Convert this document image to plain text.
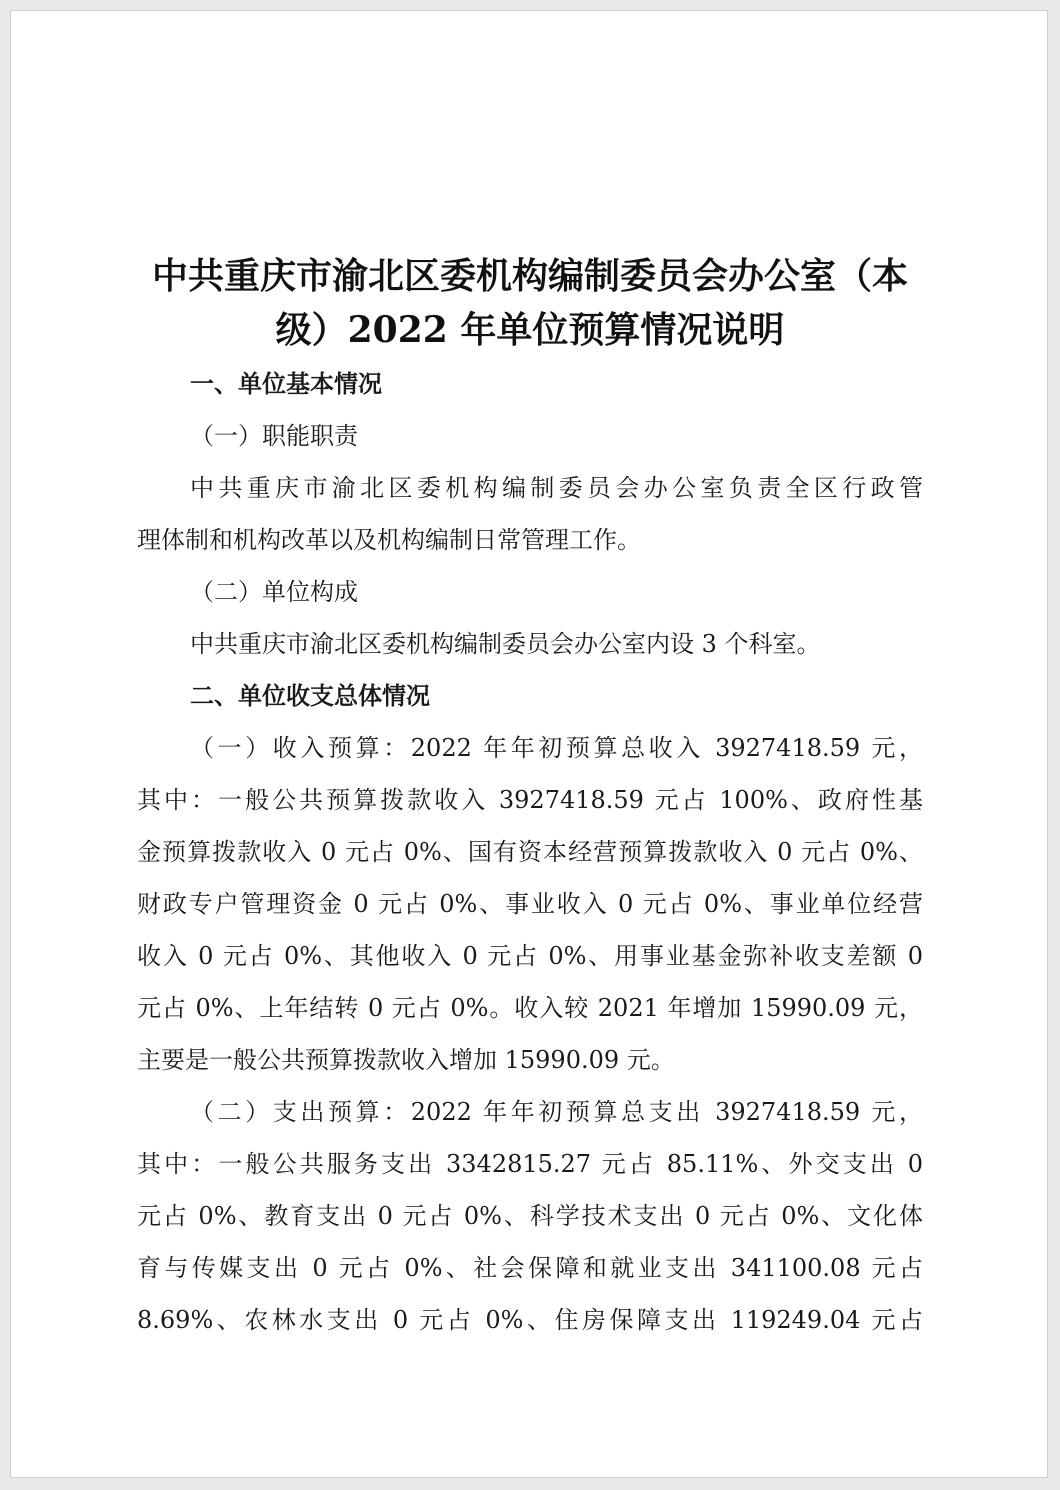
中共重庆市渝北区委机构编制委员会办公室（本
级）2022 年单位预算情况说明
一、单位基本情况
（一）职能职责
中共重庆市渝北区委机构编制委员会办公室负责全区行政管
理体制和机构改革以及机构编制日常管理工作。
（二）单位构成
中共重庆市渝北区委机构编制委员会办公室内设 3 个科室。
二、单位收支总体情况
（一）收入预算：2022 年年初预算总收入 3927418.59 元，
其中：一般公共预算拨款收入 3927418.59 元占 100%、政府性基
金预算拨款收入 0 元占 0%、国有资本经营预算拨款收入 0 元占 0%、
财政专户管理资金 0 元占 0%、事业收入 0 元占 0%、事业单位经营
收入 0 元占 0%、其他收入 0 元占 0%、用事业基金弥补收支差额 0
元占 0%、上年结转 0 元占 0%。收入较 2021 年增加 15990.09 元，
主要是一般公共预算拨款收入增加 15990.09 元。
（二）支出预算：2022 年年初预算总支出 3927418.59 元，
其中：一般公共服务支出 3342815.27 元占 85.11%、外交支出 0
元占 0%、教育支出 0 元占 0%、科学技术支出 0 元占 0%、文化体
育与传媒支出 0 元占 0%、社会保障和就业支出 341100.08 元占
8.69%、农林水支出 0 元占 0%、住房保障支出 119249.04 元占
